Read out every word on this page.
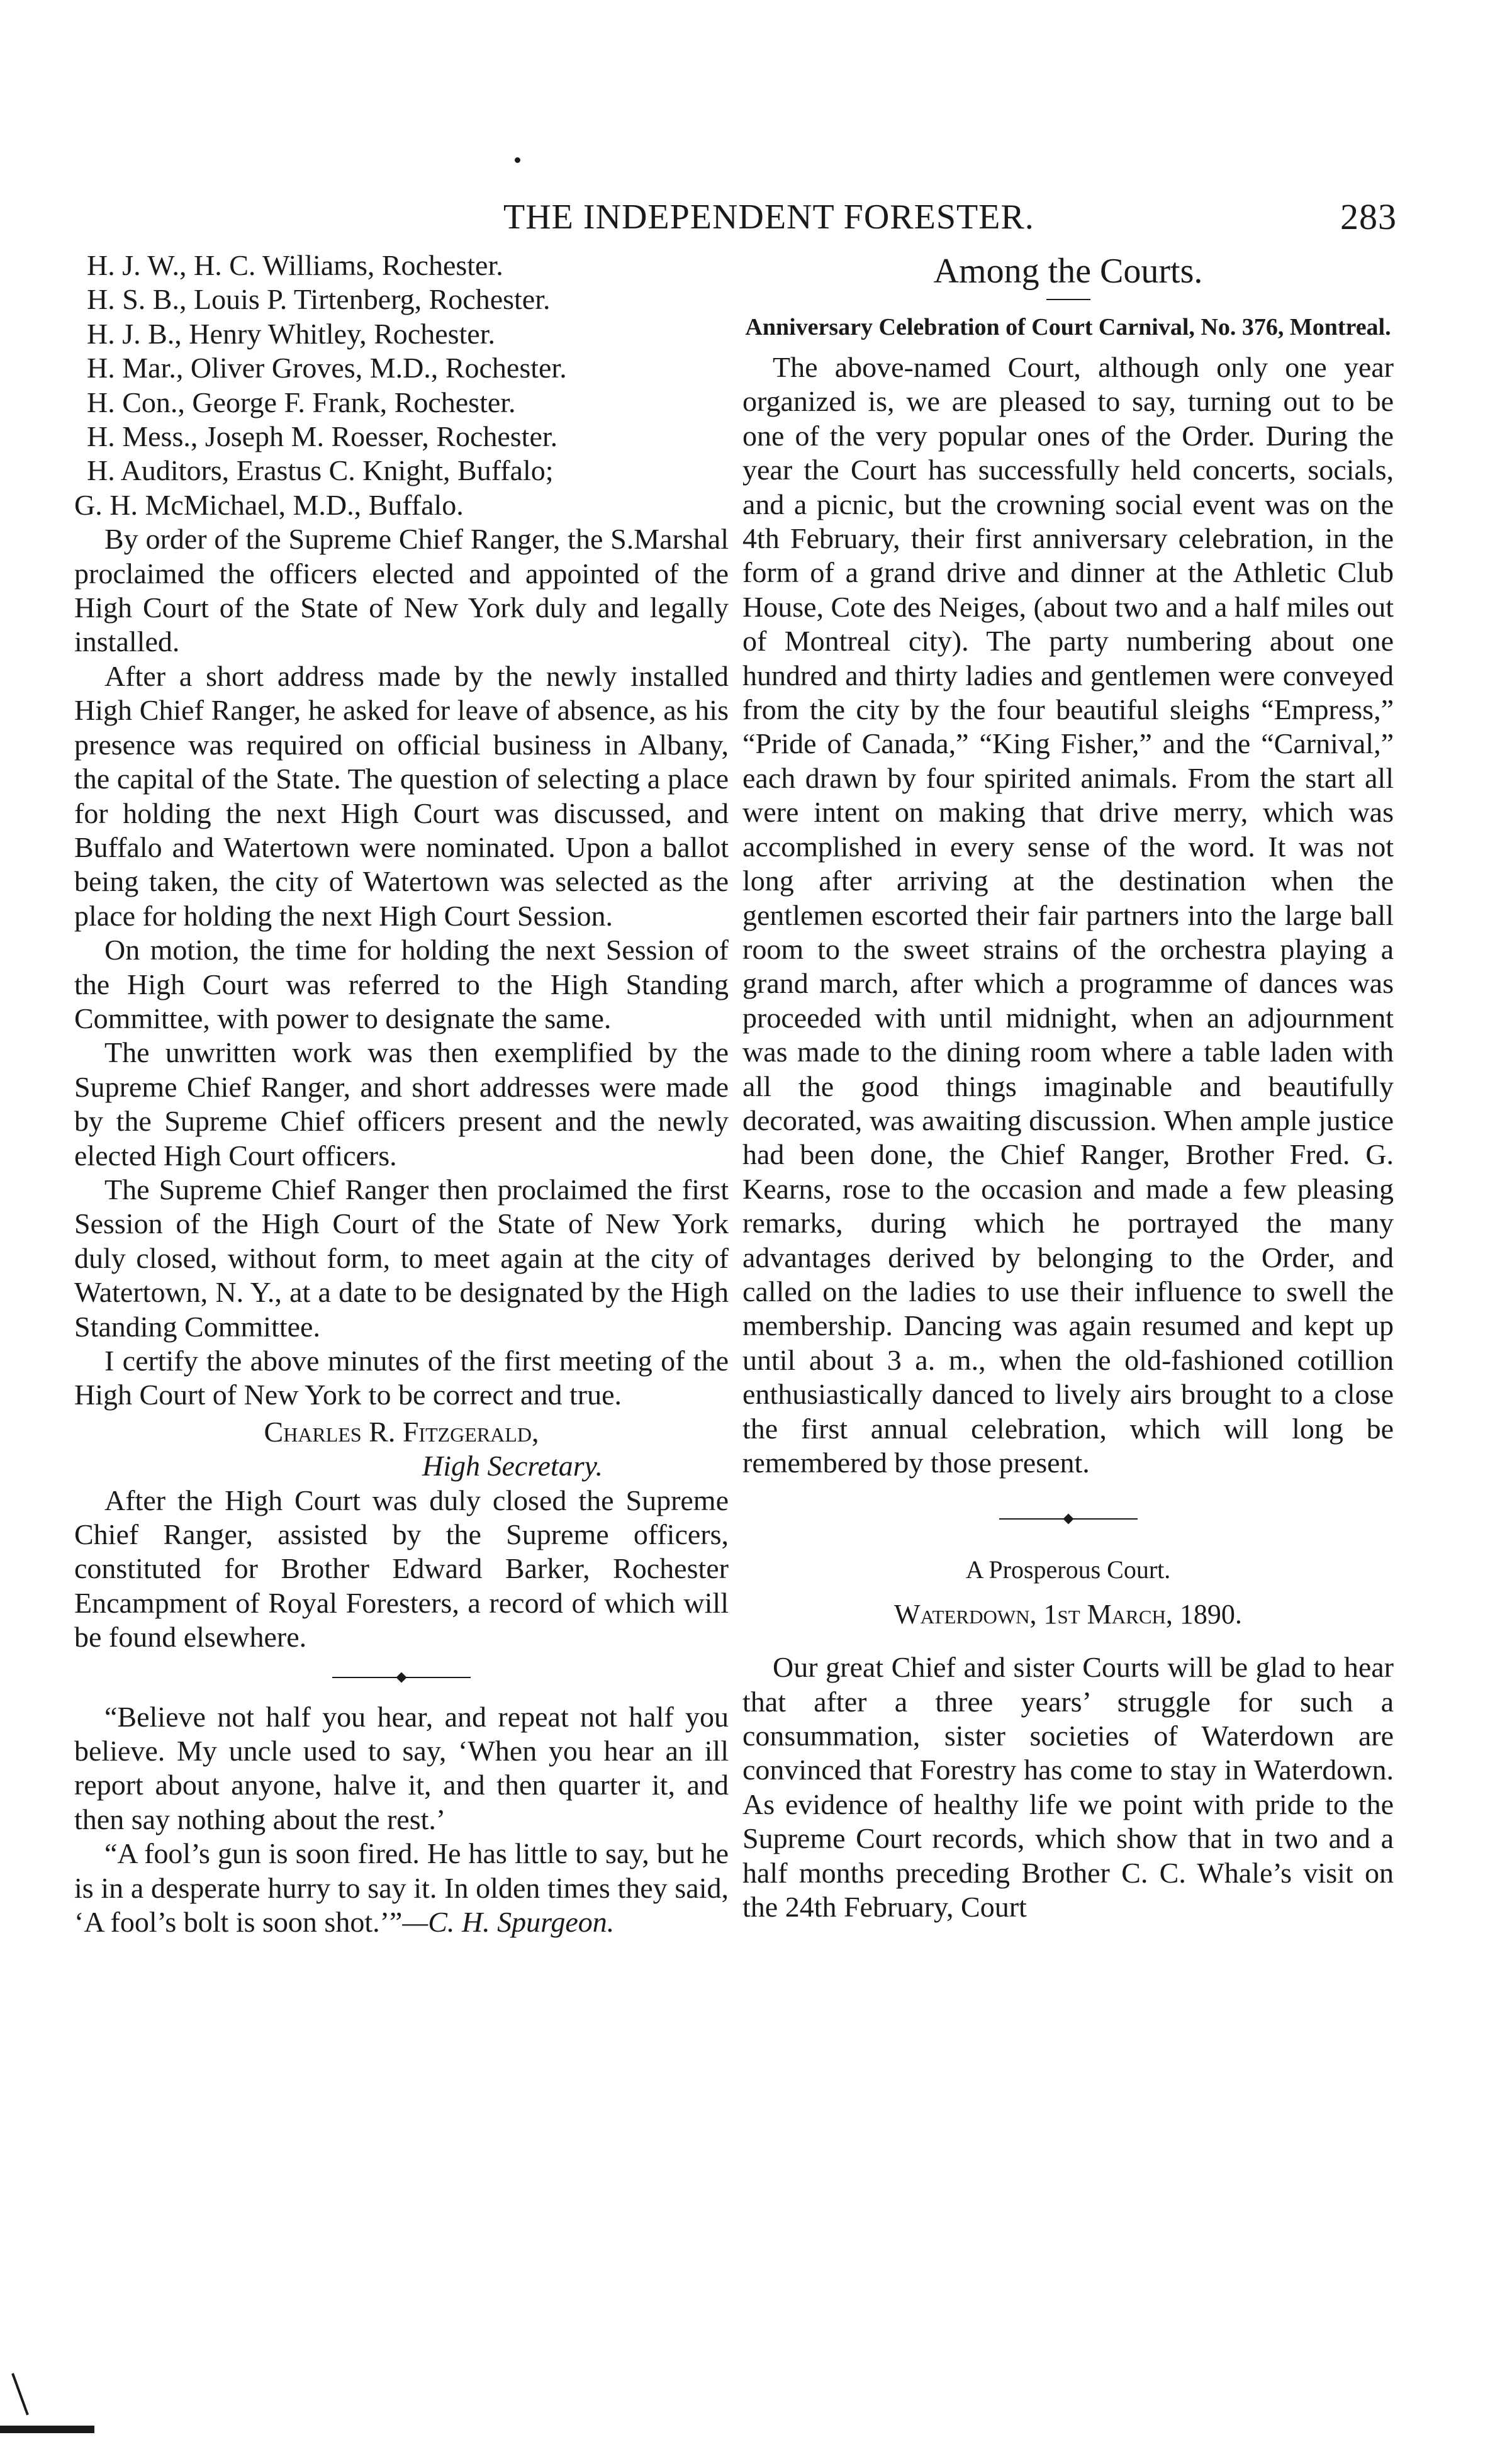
THE INDEPENDENT FORESTER.	283
H. J. W., H. C. Williams, Rochester.
H. S. B., Louis P. Tirtenberg, Rochester.
H. J. B., Henry Whitley, Rochester.
H. Mar., Oliver Groves, M.D., Rochester.
H. Con., George F. Frank, Rochester.
H. Mess., Joseph M. Roesser, Rochester.
H. Auditors, Erastus C. Knight, Buffalo;
G. H. McMichael, M.D., Buffalo.

By order of the Supreme Chief Ranger, the S.Marshal proclaimed the officers elected and appointed of the High Court of the State of New York duly and legally installed.

After a short address made by the newly installed High Chief Ranger, he asked for leave of absence, as his presence was required on official business in Albany, the capital of the State. The question of selecting a place for holding the next High Court was discussed, and Buffalo and Watertown were nominated. Upon a ballot being taken, the city of Watertown was selected as the place for holding the next High Court Session.

On motion, the time for holding the next Session of the High Court was referred to the High Standing Committee, with power to designate the same.

The unwritten work was then exemplified by the Supreme Chief Ranger, and short addresses were made by the Supreme Chief officers present and the newly elected High Court officers.

The Supreme Chief Ranger then proclaimed the first Session of the High Court of the State of New York duly closed, without form, to meet again at the city of Watertown, N. Y., at a date to be designated by the High Standing Committee.

I certify the above minutes of the first meeting of the High Court of New York to be correct and true.

Charles R. Fitzgerald,
High Secretary.

After the High Court was duly closed the Supreme Chief Ranger, assisted by the Supreme officers, constituted for Brother Edward Barker, Rochester Encampment of Royal Foresters, a record of which will be found elsewhere.

“Believe not half you hear, and repeat not half you believe. My uncle used to say, ‘When you hear an ill report about anyone, halve it, and then quarter it, and then say nothing about the rest.’

“A fool’s gun is soon fired. He has little to say, but he is in a desperate hurry to say it. In olden times they said, ‘A fool’s bolt is soon shot.’”—C. H. Spurgeon.

Among the Courts.
Anniversary Celebration of Court Carnival, No. 376, Montreal.

The above-named Court, although only one year organized is, we are pleased to say, turning out to be one of the very popular ones of the Order. During the year the Court has successfully held concerts, socials, and a picnic, but the crowning social event was on the 4th February, their first anniversary celebration, in the form of a grand drive and dinner at the Athletic Club House, Cote des Neiges, (about two and a half miles out of Montreal city). The party numbering about one hundred and thirty ladies and gentlemen were conveyed from the city by the four beautiful sleighs “Empress,” “Pride of Canada,” “King Fisher,” and the “Carnival,” each drawn by four spirited animals. From the start all were intent on making that drive merry, which was accomplished in every sense of the word. It was not long after arriving at the destination when the gentlemen escorted their fair partners into the large ball room to the sweet strains of the orchestra playing a grand march, after which a programme of dances was proceeded with until midnight, when an adjournment was made to the dining room where a table laden with all the good things imaginable and beautifully decorated, was awaiting discussion. When ample justice had been done, the Chief Ranger, Brother Fred. G. Kearns, rose to the occasion and made a few pleasing remarks, during which he portrayed the many advantages derived by belonging to the Order, and called on the ladies to use their influence to swell the membership. Dancing was again resumed and kept up until about 3 a. m., when the old-fashioned cotillion enthusiastically danced to lively airs brought to a close the first annual celebration, which will long be remembered by those present.

A Prosperous Court.
Waterdown, 1st March, 1890.

Our great Chief and sister Courts will be glad to hear that after a three years’ struggle for such a consummation, sister societies of Waterdown are convinced that Forestry has come to stay in Waterdown. As evidence of healthy life we point with pride to the Supreme Court records, which show that in two and a half months preceding Brother C. C. Whale’s visit on the 24th February, Court
